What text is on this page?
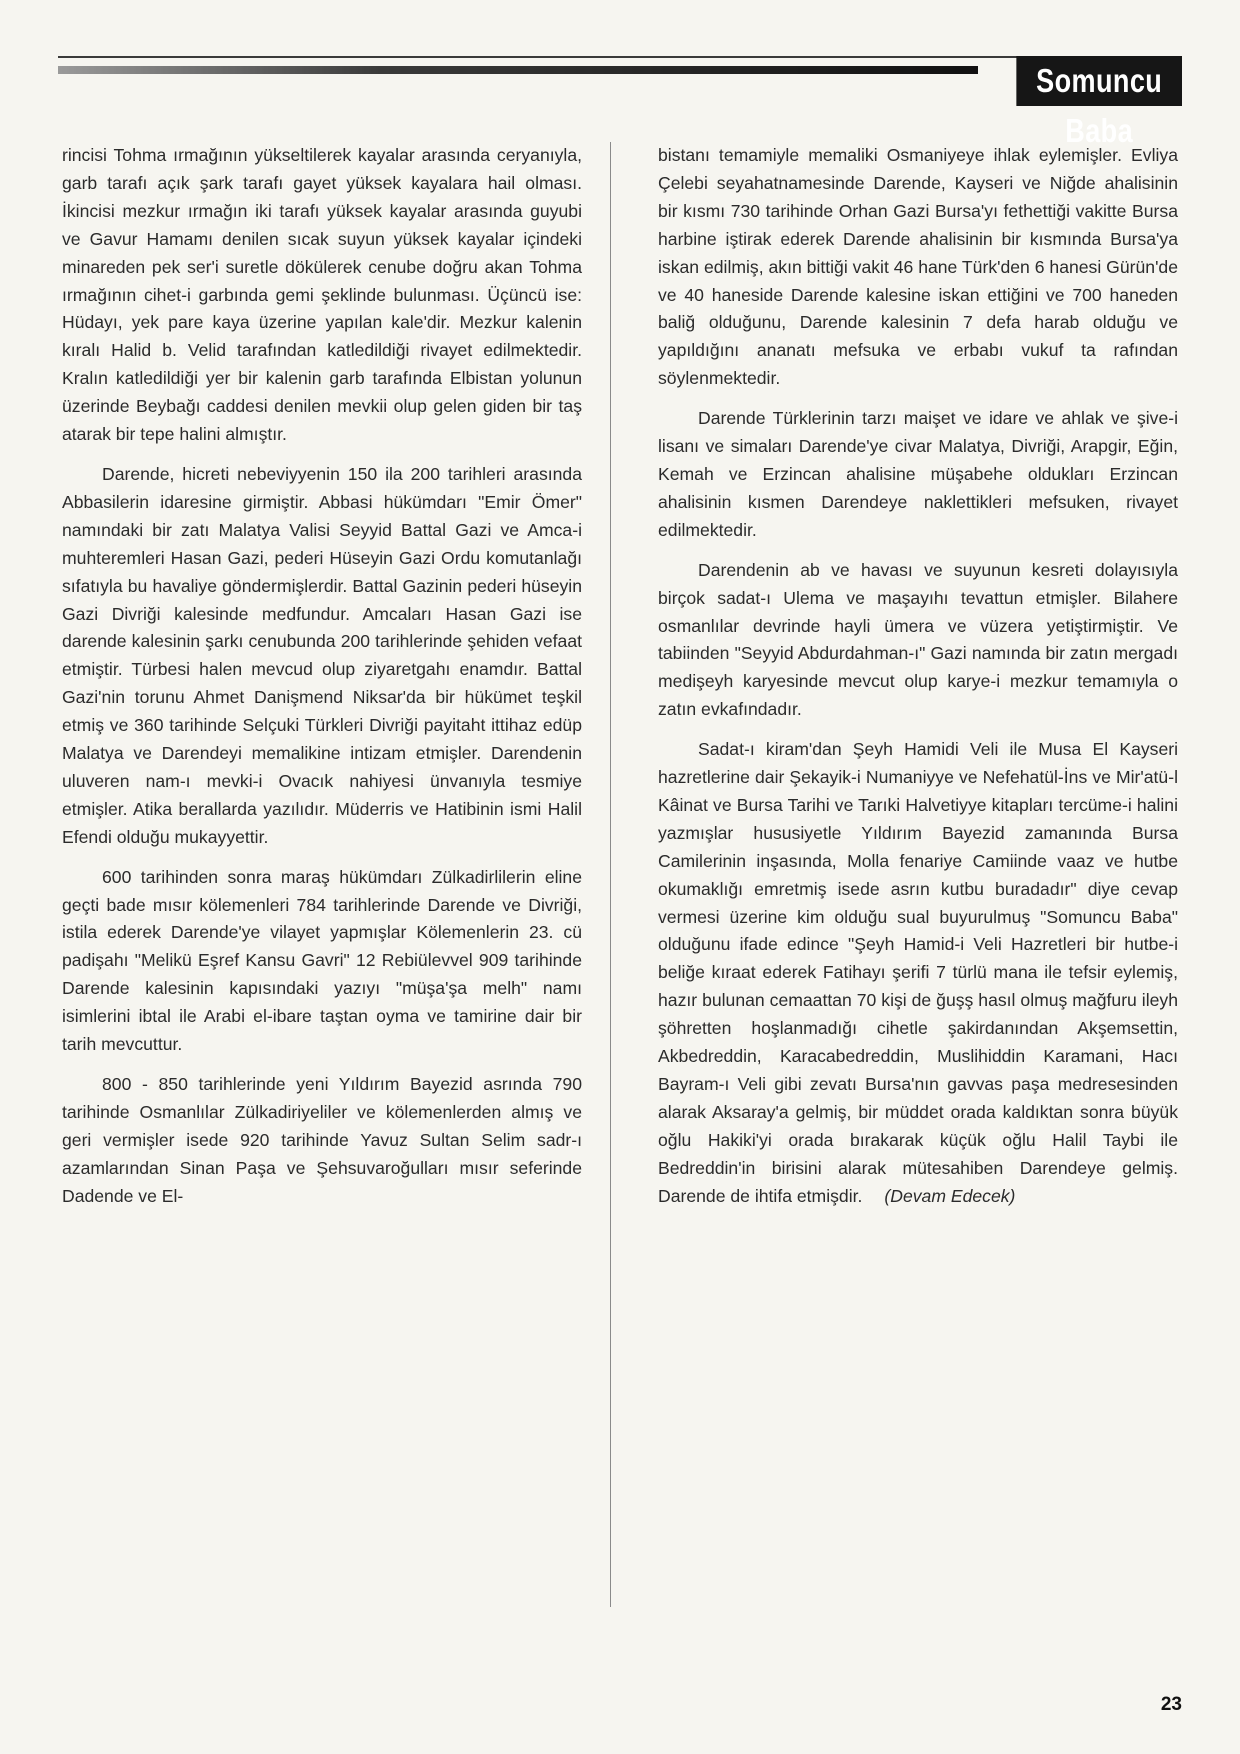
Somuncu Baba

rincisi Tohma ırmağının yükseltilerek kayalar arasında ceryanıyla, garb tarafı açık şark tarafı gayet yüksek kayalara hail olması. İkincisi mezkur ırmağın iki tarafı yüksek kayalar arasında guyubi ve Gavur Hamamı denilen sıcak suyun yüksek kayalar içindeki minareden pek ser'i suretle dökülerek cenube doğru akan Tohma ırmağının cihet-i garbında gemi şeklinde bulunması. Üçüncü ise: Hüdayı, yek pare kaya üzerine yapılan kale'dir. Mezkur kalenin kıralı Halid b. Velid tarafından katledildiği rivayet edilmektedir. Kralın katledildiği yer bir kalenin garb tarafında Elbistan yolunun üzerinde Beybağı caddesi denilen mevkii olup gelen giden bir taş atarak bir tepe halini almıştır.

Darende, hicreti nebeviyyenin 150 ila 200 tarihleri arasında Abbasilerin idaresine girmiştir. Abbasi hükümdarı "Emir Ömer" namındaki bir zatı Malatya Valisi Seyyid Battal Gazi ve Amca-i muhteremleri Hasan Gazi, pederi Hüseyin Gazi Ordu komutanlağı sıfatıyla bu havaliye göndermişlerdir. Battal Gazinin pederi hüseyin Gazi Divriği kalesinde medfundur. Amcaları Hasan Gazi ise darende kalesinin şarkı cenubunda 200 tarihlerinde şehiden vefaat etmiştir. Türbesi halen mevcud olup ziyaretgahı enamdır. Battal Gazi'nin torunu Ahmet Danişmend Niksar'da bir hükümet teşkil etmiş ve 360 tarihinde Selçuki Türkleri Divriği payitaht ittihaz edüp Malatya ve Darendeyi memalikine intizam etmişler. Darendenin uluveren nam-ı mevki-i Ovacık nahiyesi ünvanıyla tesmiye etmişler. Atika berallarda yazılıdır. Müderris ve Hatibinin ismi Halil Efendi olduğu mukayyettir.

600 tarihinden sonra maraş hükümdarı Zülkadirlilerin eline geçti bade mısır kölemenleri 784 tarihlerinde Darende ve Divriği, istila ederek Darende'ye vilayet yapmışlar Kölemenlerin 23. cü padişahı "Melikü Eşref Kansu Gavri" 12 Rebiülevvel 909 tarihinde Darende kalesinin kapısındaki yazıyı "müşa'şa melh" namı isimlerini ibtal ile Arabi el-ibare taştan oyma ve tamirine dair bir tarih mevcuttur.

800 - 850 tarihlerinde yeni Yıldırım Bayezid asrında 790 tarihinde Osmanlılar Zülkadiriyeliler ve kölemenlerden almış ve geri vermişler isede 920 tarihinde Yavuz Sultan Selim sadr-ı azamlarından Sinan Paşa ve Şehsuvaroğulları mısır seferinde Dadende ve El-

bistanı temamiyle memaliki Osmaniyeye ihlak eylemişler. Evliya Çelebi seyahatnamesinde Darende, Kayseri ve Niğde ahalisinin bir kısmı 730 tarihinde Orhan Gazi Bursa'yı fethettiği vakitte Bursa harbine iştirak ederek Darende ahalisinin bir kısmında Bursa'ya iskan edilmiş, akın bittiği vakit 46 hane Türk'den 6 hanesi Gürün'de ve 40 haneside Darende kalesine iskan ettiğini ve 700 haneden baliğ olduğunu, Darende kalesinin 7 defa harab olduğu ve yapıldığını ananatı mefsuka ve erbabı vukuf ta rafından söylenmektedir.

Darende Türklerinin tarzı maişet ve idare ve ahlak ve şive-i lisanı ve simaları Darende'ye civar Malatya, Divriği, Arapgir, Eğin, Kemah ve Erzincan ahalisine müşabehe oldukları Erzincan ahalisinin kısmen Darendeye naklettikleri mefsuken, rivayet edilmektedir.

Darendenin ab ve havası ve suyunun kesreti dolayısıyla birçok sadat-ı Ulema ve maşayıhı tevattun etmişler. Bilahere osmanlılar devrinde hayli ümera ve vüzera yetiştirmiştir. Ve tabiinden "Seyyid Abdurdahman-ı" Gazi namında bir zatın mergadı medişeyh karyesinde mevcut olup karye-i mezkur temamıyla o zatın evkafındadır.

Sadat-ı kiram'dan Şeyh Hamidi Veli ile Musa El Kayseri hazretlerine dair Şekayik-i Numaniyye ve Nefehatül-İns ve Mir'atü-l Kâinat ve Bursa Tarihi ve Tarıki Halvetiyye kitapları tercüme-i halini yazmışlar hususiyetle Yıldırım Bayezid zamanında Bursa Camilerinin inşasında, Molla fenariye Camiinde vaaz ve hutbe okumaklığı emretmiş isede asrın kutbu buradadır" diye cevap vermesi üzerine kim olduğu sual buyurulmuş "Somuncu Baba" olduğunu ifade edince "Şeyh Hamid-i Veli Hazretleri bir hutbe-i beliğe kıraat ederek Fatihayı şerifi 7 türlü mana ile tefsir eylemiş, hazır bulunan cemaattan 70 kişi de ğuşş hasıl olmuş mağfuru ileyh şöhretten hoşlanmadığı cihetle şakirdanından Akşemsettin, Akbedreddin, Karacabedreddin, Muslihiddin Karamani, Hacı Bayram-ı Veli gibi zevatı Bursa'nın gavvas paşa medresesinden alarak Aksaray'a gelmiş, bir müddet orada kaldıktan sonra büyük oğlu Hakiki'yi orada bırakarak küçük oğlu Halil Taybi ile Bedreddin'in birisini alarak mütesahiben Darendeye gelmiş. Darende de ihtifa etmişdir. (Devam Edecek)

23
